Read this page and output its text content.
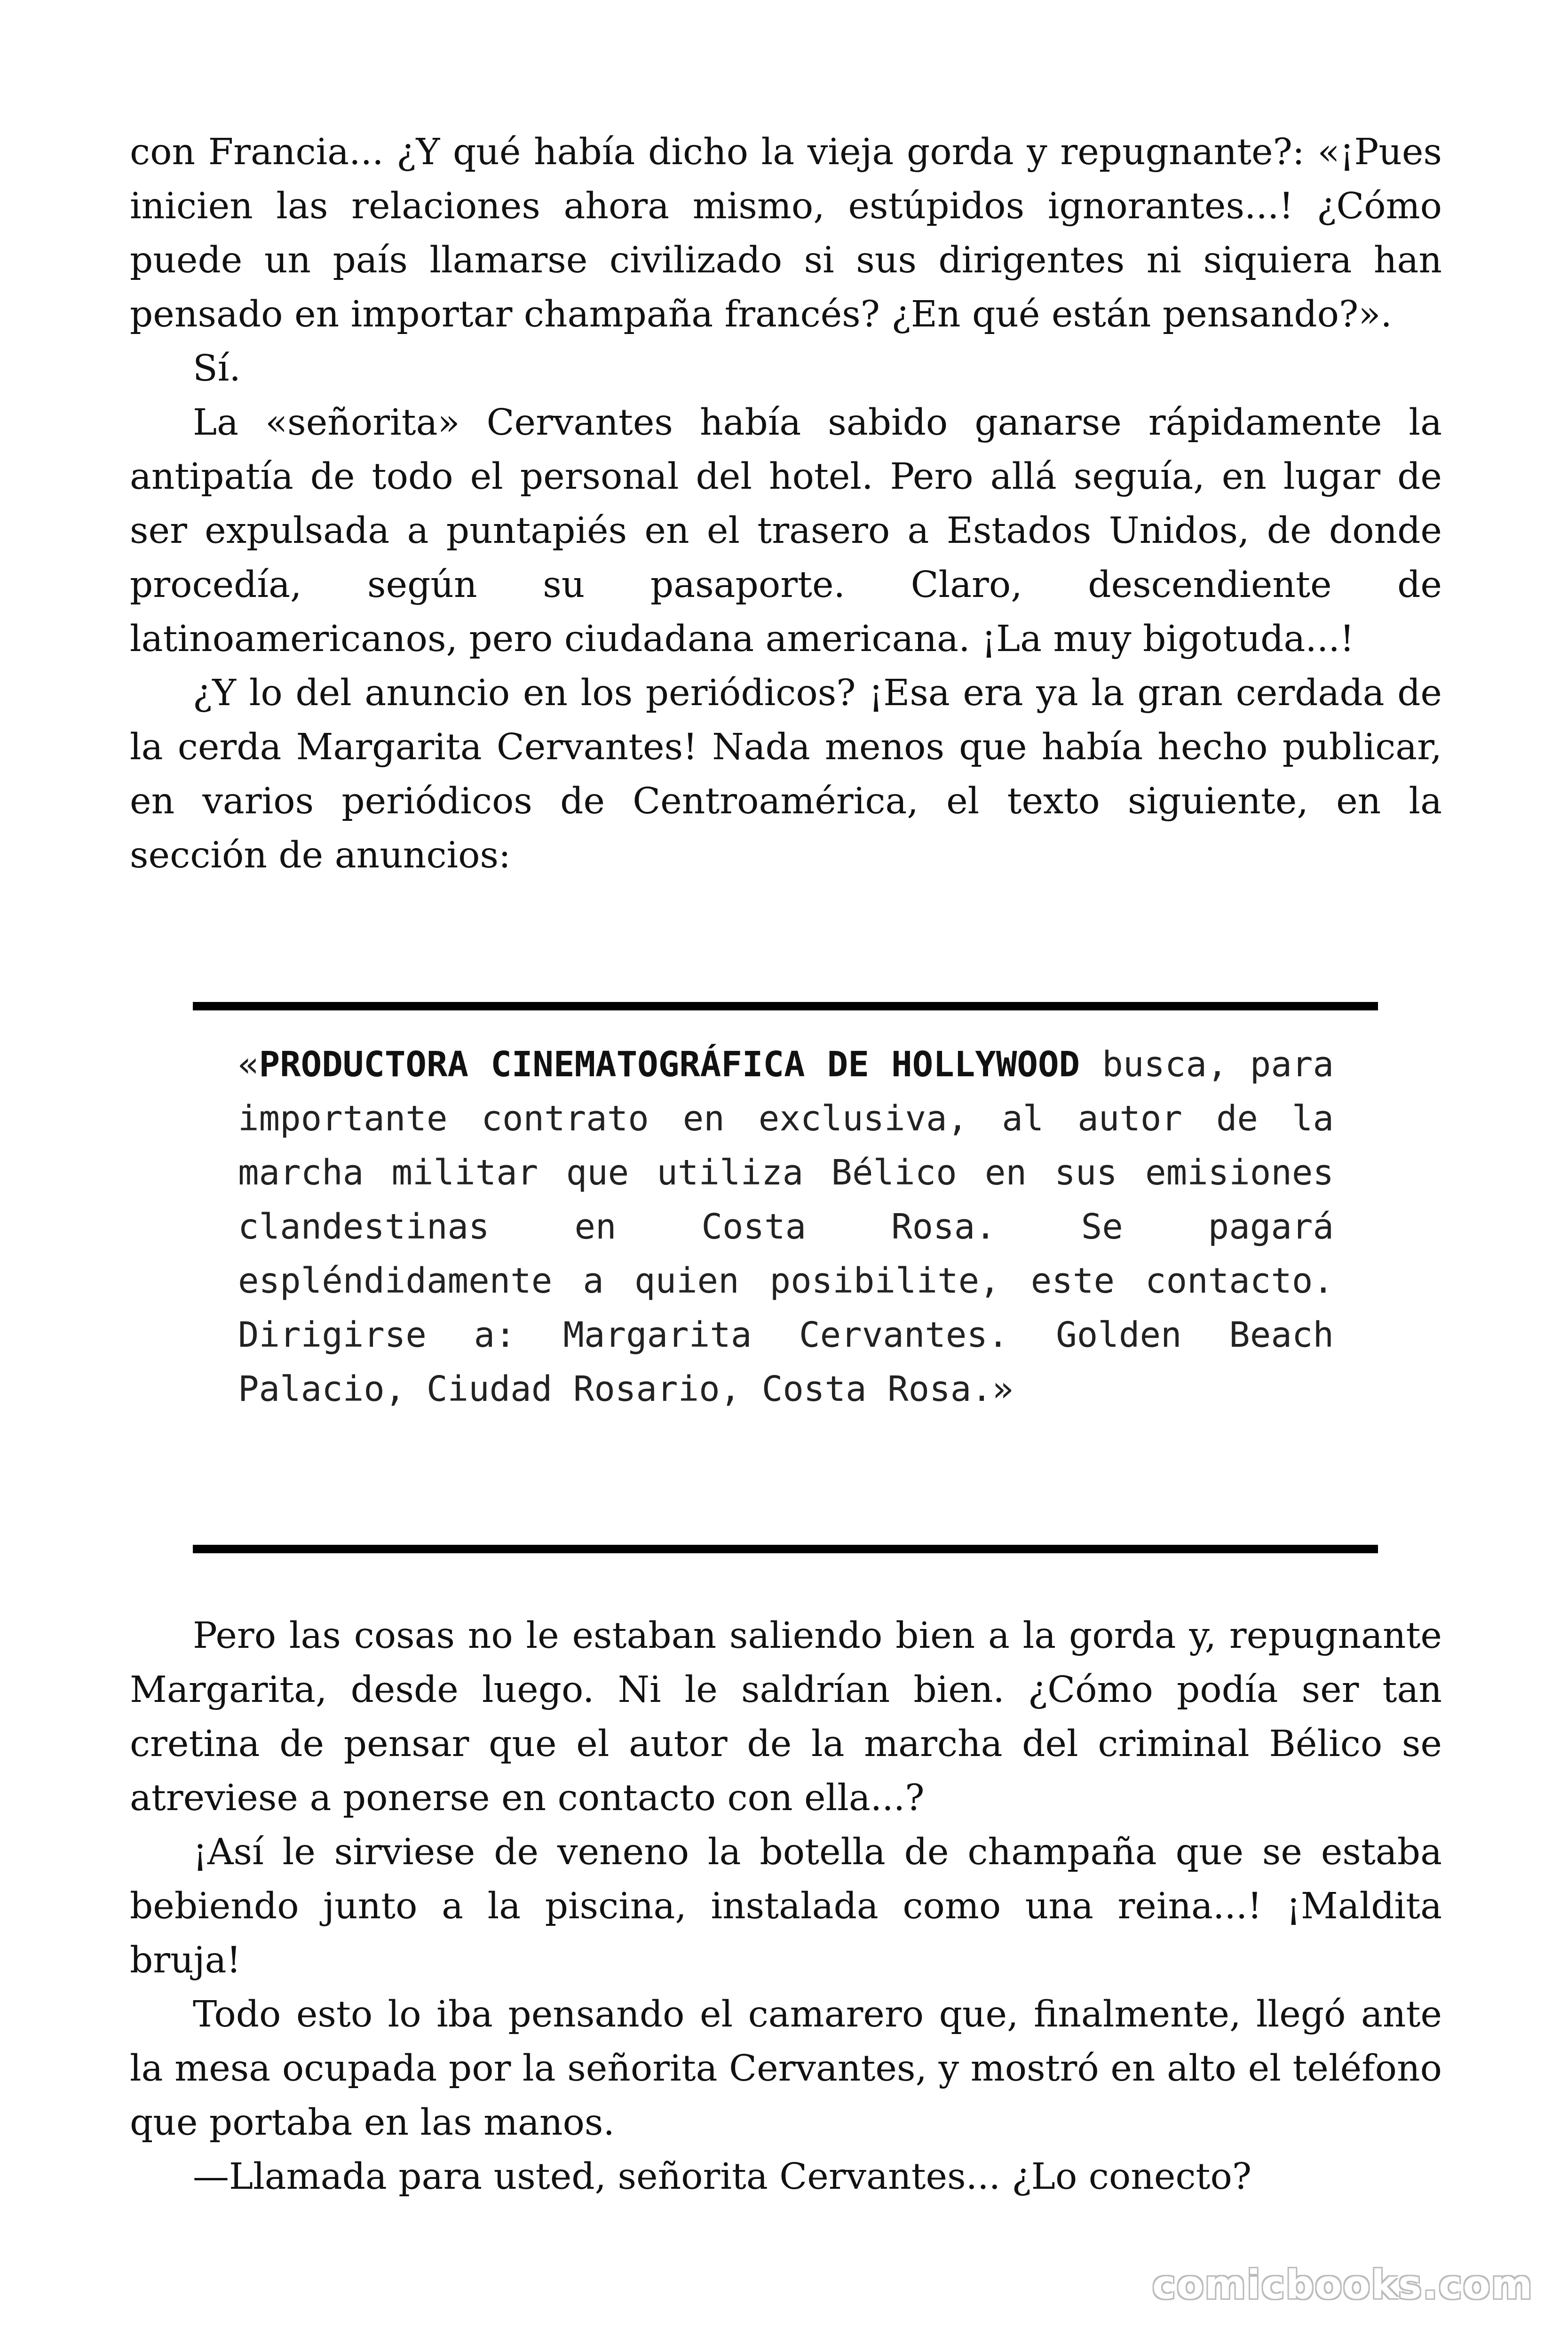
con Francia... ¿Y qué había dicho la vieja gorda y repugnante?: «¡Pues inicien las relaciones ahora mismo, estúpidos ignorantes...! ¿Cómo puede un país llamarse civilizado si sus dirigentes ni siquiera han pensado en importar champaña francés? ¿En qué están pensando?».

Sí.

La «señorita» Cervantes había sabido ganarse rápidamente la antipatía de todo el personal del hotel. Pero allá seguía, en lugar de ser expulsada a puntapiés en el trasero a Estados Unidos, de donde procedía, según su pasaporte. Claro, descendiente de latinoamericanos, pero ciudadana americana. ¡La muy bigotuda...!

¿Y lo del anuncio en los periódicos? ¡Esa era ya la gran cerdada de la cerda Margarita Cervantes! Nada menos que había hecho publicar, en varios periódicos de Centroamérica, el texto siguiente, en la sección de anuncios:

«PRODUCTORA CINEMATOGRÁFICA DE HOLLYWOOD busca, para importante contrato en exclusiva, al autor de la marcha militar que utiliza Bélico en sus emisiones clandestinas en Costa Rosa. Se pagará espléndidamente a quien posibilite, este contacto. Dirigirse a: Margarita Cervantes. Golden Beach Palacio, Ciudad Rosario, Costa Rosa.»

Pero las cosas no le estaban saliendo bien a la gorda y, repugnante Margarita, desde luego. Ni le saldrían bien. ¿Cómo podía ser tan cretina de pensar que el autor de la marcha del criminal Bélico se atreviese a ponerse en contacto con ella...?

¡Así le sirviese de veneno la botella de champaña que se estaba bebiendo junto a la piscina, instalada como una reina...! ¡Maldita bruja!

Todo esto lo iba pensando el camarero que, finalmente, llegó ante la mesa ocupada por la señorita Cervantes, y mostró en alto el teléfono que portaba en las manos.

—Llamada para usted, señorita Cervantes... ¿Lo conecto?

comicbooks.com
